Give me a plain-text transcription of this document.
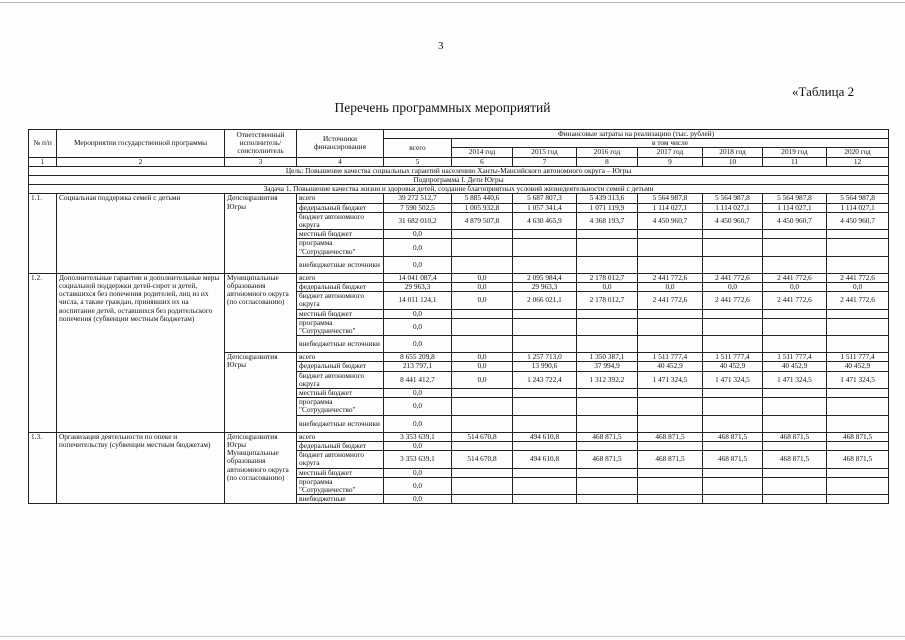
3
«Таблица 2
Перечень программных мероприятий
№ п/п	Мероприятия государственной программы	Ответственный исполнитель/ соисполнитель	Источники финансирования	Финансовые затраты на реализацию (тыс. рублей)							
				всего	в том числе						
					2014 год	2015 год	2016 год	2017 год	2018 год	2019 год	2020 год
1	2	3	4	5	6	7	8	9	10	11	12
Цель: Повышение качества социальных гарантий населению Ханты-Мансийского автономного округа – Югры											
Подпрограмма I. Дети Югры											
Задача 1. Повышение качества жизни и здоровья детей, создание благоприятных условий жизнедеятельности семей с детьми											
1.1.	Социальная поддержка семей с детьми	Депсоцразвития Югры	всего	39 272 512,7	5 885 440,6	5 687 807,3	5 439 313,6	5 564 987,8	5 564 987,8	5 564 987,8	5 564 987,8
			федеральный бюджет	7 590 502,5	1 005 932,8	1 057 341,4	1 071 119,9	1 114 027,1	1 114 027,1	1 114 027,1	1 114 027,1
			бюджет автономного округа	31 682 010,2	4 879 507,8	4 630 465,9	4 368 193,7	4 450 960,7	4 450 960,7	4 450 960,7	4 450 960,7
			местный бюджет	0,0							
			программа "Сотрудничество"	0,0							
			внебюджетные источники	0,0							
1.2.	Дополнительные гарантии и дополнительные меры социальной поддержки детей-сирот и детей, оставшихся без попечения родителей, лиц из их числа, а также граждан, принявших их на воспитание детей, оставшихся без родительского попечения (субвенции местным бюджетам)	Муниципальные образования автономного округа (по согласованию)	всего	14 041 087,4	0,0	2 095 984,4	2 178 012,7	2 441 772,6	2 441 772,6	2 441 772,6	2 441 772,6
			федеральный бюджет	29 963,3	0,0	29 963,3	0,0	0,0	0,0	0,0	0,0
			бюджет автономного округа	14 011 124,1	0,0	2 066 021,1	2 178 012,7	2 441 772,6	2 441 772,6	2 441 772,6	2 441 772,6
			местный бюджет	0,0							
			программа "Сотрудничество"	0,0							
			внебюджетные источники	0,0							
		Депсоцразвития Югры	всего	8 655 209,8	0,0	1 257 713,0	1 350 387,1	1 511 777,4	1 511 777,4	1 511 777,4	1 511 777,4
			федеральный бюджет	213 797,1	0,0	13 990,6	37 994,9	40 452,9	40 452,9	40 452,9	40 452,9
			бюджет автономного округа	8 441 412,7	0,0	1 243 722,4	1 312 392,2	1 471 324,5	1 471 324,5	1 471 324,5	1 471 324,5
			местный бюджет	0,0							
			программа "Сотрудничество"	0,0							
			внебюджетные источники	0,0							
1.3.	Организация деятельности по опеке и попечительству (субвенции местным бюджетам)	Депсоцразвития Югры Муниципальные образования автономного округа (по согласованию)	всего	3 353 639,1	514 670,8	494 610,8	468 871,5	468 871,5	468 871,5	468 871,5	468 871,5
			федеральный бюджет	0,0							
			бюджет автономного округа	3 353 639,1	514 670,8	494 610,8	468 871,5	468 871,5	468 871,5	468 871,5	468 871,5
			местный бюджет	0,0							
			программа "Сотрудничество"	0,0							
			внебюджетные	0,0							
